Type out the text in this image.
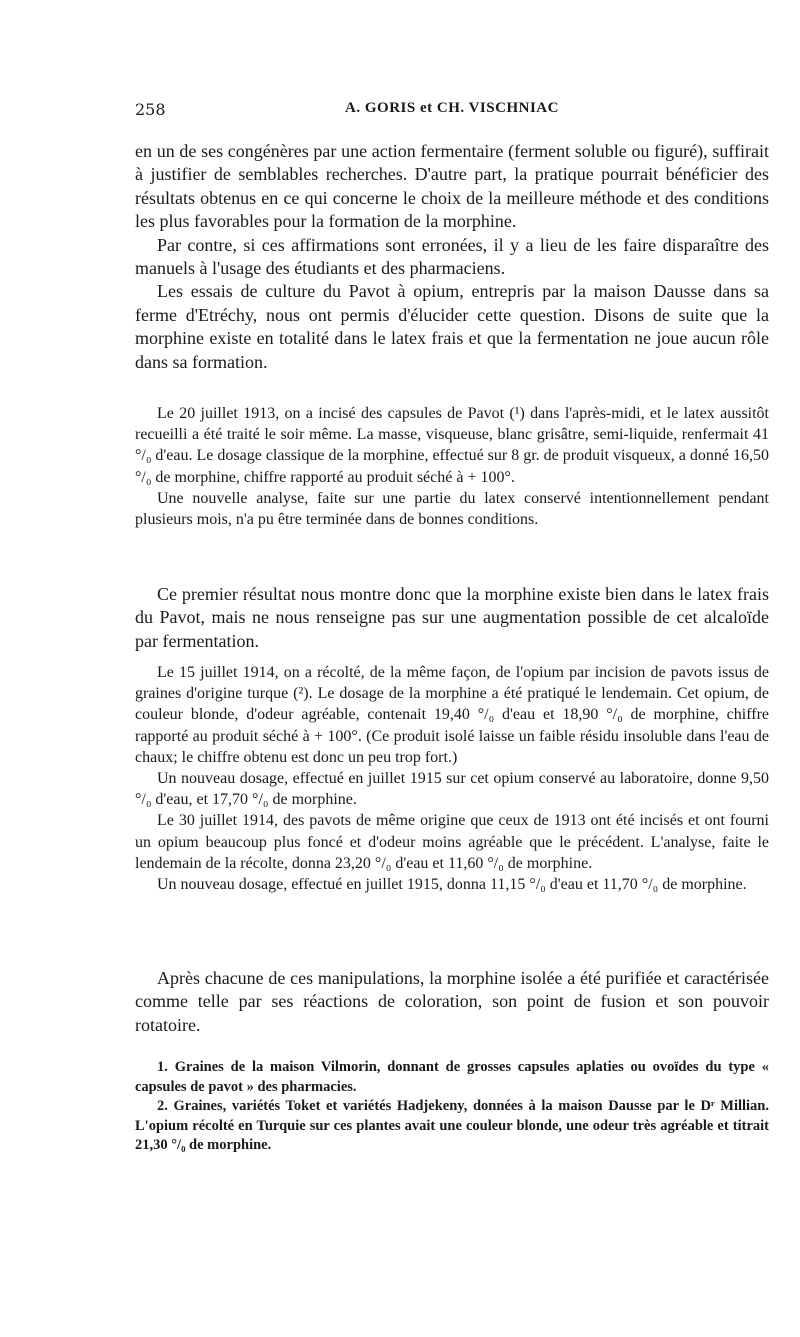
258	A. GORIS et CH. VISCHNIAC

en un de ses congénères par une action fermentaire (ferment soluble ou figuré), suffirait à justifier de semblables recherches. D'autre part, la pratique pourrait bénéficier des résultats obtenus en ce qui concerne le choix de la meilleure méthode et des conditions les plus favorables pour la formation de la morphine.

Par contre, si ces affirmations sont erronées, il y a lieu de les faire disparaître des manuels à l'usage des étudiants et des pharmaciens.

Les essais de culture du Pavot à opium, entrepris par la maison Dausse dans sa ferme d'Etréchy, nous ont permis d'élucider cette question. Disons de suite que la morphine existe en totalité dans le latex frais et que la fermentation ne joue aucun rôle dans sa formation.

Le 20 juillet 1913, on a incisé des capsules de Pavot (¹) dans l'après-midi, et le latex aussitôt recueilli a été traité le soir même. La masse, visqueuse, blanc grisâtre, semi-liquide, renfermait 41 °/₀ d'eau. Le dosage classique de la morphine, effectué sur 8 gr. de produit visqueux, a donné 16,50 °/₀ de morphine, chiffre rapporté au produit séché à + 100°.

Une nouvelle analyse, faite sur une partie du latex conservé intentionnellement pendant plusieurs mois, n'a pu être terminée dans de bonnes conditions.

Ce premier résultat nous montre donc que la morphine existe bien dans le latex frais du Pavot, mais ne nous renseigne pas sur une augmentation possible de cet alcaloïde par fermentation.

Le 15 juillet 1914, on a récolté, de la même façon, de l'opium par incision de pavots issus de graines d'origine turque (²). Le dosage de la morphine a été pratiqué le lendemain. Cet opium, de couleur blonde, d'odeur agréable, contenait 19,40 °/₀ d'eau et 18,90 °/₀ de morphine, chiffre rapporté au produit séché à + 100°. (Ce produit isolé laisse un faible résidu insoluble dans l'eau de chaux; le chiffre obtenu est donc un peu trop fort.)

Un nouveau dosage, effectué en juillet 1915 sur cet opium conservé au laboratoire, donne 9,50 °/₀ d'eau, et 17,70 °/₀ de morphine.

Le 30 juillet 1914, des pavots de même origine que ceux de 1913 ont été incisés et ont fourni un opium beaucoup plus foncé et d'odeur moins agréable que le précédent. L'analyse, faite le lendemain de la récolte, donna 23,20 °/₀ d'eau et 11,60 °/₀ de morphine.

Un nouveau dosage, effectué en juillet 1915, donna 11,15 °/₀ d'eau et 11,70 °/₀ de morphine.

Après chacune de ces manipulations, la morphine isolée a été purifiée et caractérisée comme telle par ses réactions de coloration, son point de fusion et son pouvoir rotatoire.

1. Graines de la maison Vilmorin, donnant de grosses capsules aplaties ou ovoïdes du type « capsules de pavot » des pharmacies.

2. Graines, variétés Toket et variétés Hadjekeny, données à la maison Dausse par le Dʳ Millian. L'opium récolté en Turquie sur ces plantes avait une couleur blonde, une odeur très agréable et titrait 21,30 °/₀ de morphine.
